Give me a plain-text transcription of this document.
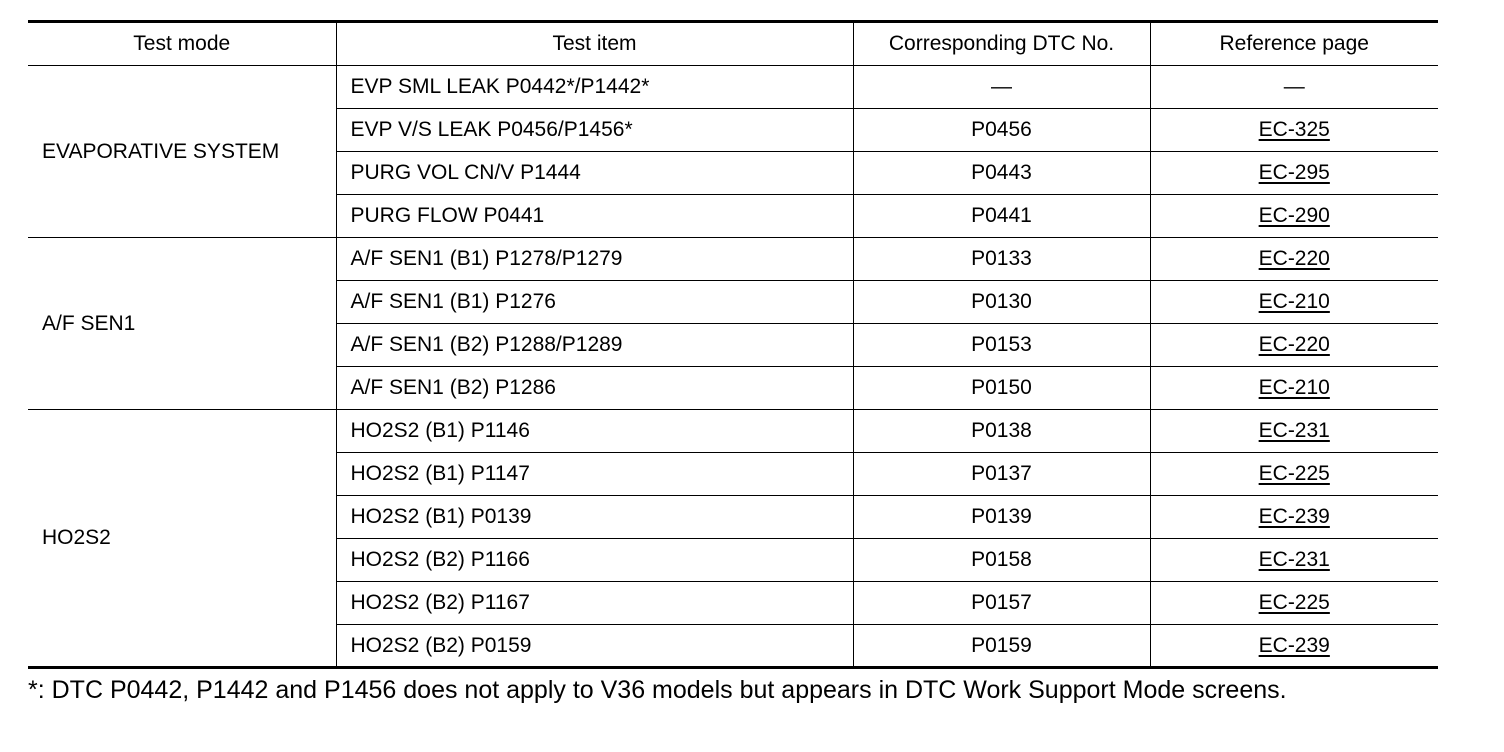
Test mode	Test item	Corresponding DTC No.	Reference page
EVAPORATIVE SYSTEM	EVP SML LEAK P0442*/P1442*	—	—
	EVP V/S LEAK P0456/P1456*	P0456	EC-325
	PURG VOL CN/V P1444	P0443	EC-295
	PURG FLOW P0441	P0441	EC-290
A/F SEN1	A/F SEN1 (B1) P1278/P1279	P0133	EC-220
	A/F SEN1 (B1) P1276	P0130	EC-210
	A/F SEN1 (B2) P1288/P1289	P0153	EC-220
	A/F SEN1 (B2) P1286	P0150	EC-210
HO2S2	HO2S2 (B1) P1146	P0138	EC-231
	HO2S2 (B1) P1147	P0137	EC-225
	HO2S2 (B1) P0139	P0139	EC-239
	HO2S2 (B2) P1166	P0158	EC-231
	HO2S2 (B2) P1167	P0157	EC-225
	HO2S2 (B2) P0159	P0159	EC-239
*: DTC P0442, P1442 and P1456 does not apply to V36 models but appears in DTC Work Support Mode screens.
